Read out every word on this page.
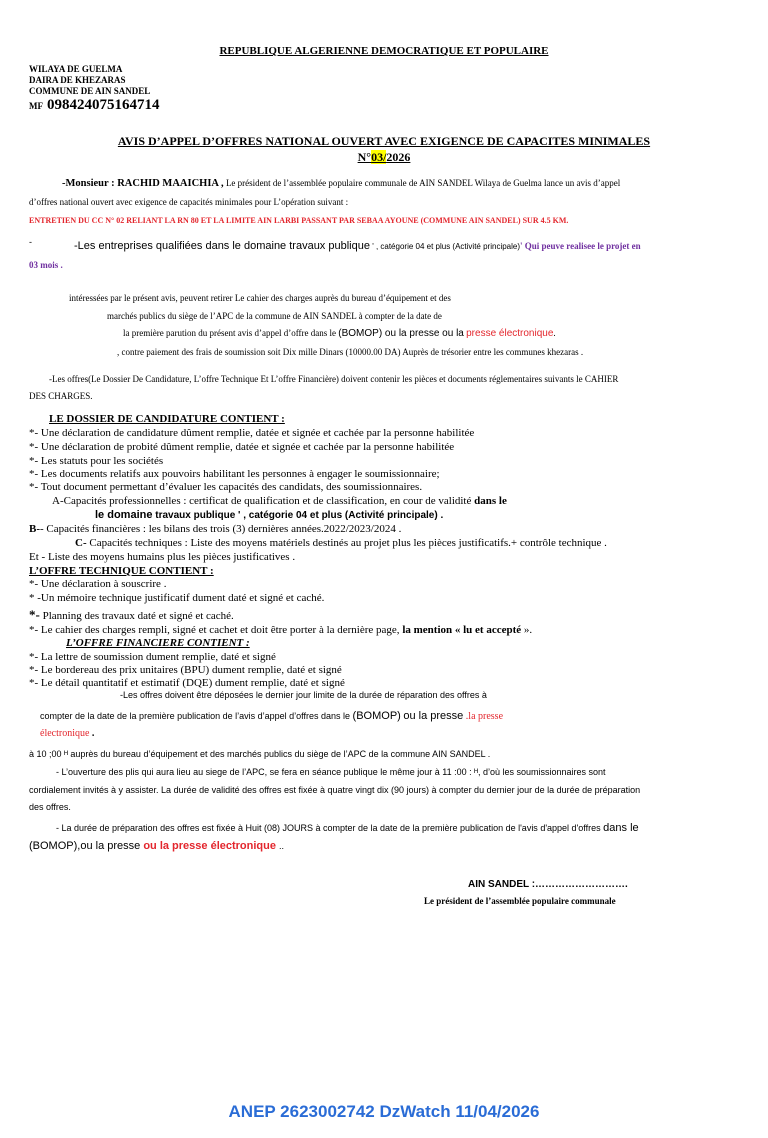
REPUBLIQUE ALGERIENNE DEMOCRATIQUE ET POPULAIRE
WILAYA DE GUELMA
DAIRA DE KHEZARAS
COMMUNE DE AIN SANDEL
MF 098424075164714
AVIS D’APPEL D’OFFRES NATIONAL OUVERT AVEC EXIGENCE DE CAPACITES MINIMALES
N°03/2026
-Monsieur : RACHID MAAICHIA , Le président de l’assemblée populaire communale de AIN SANDEL Wilaya de Guelma lance un avis d’appel
d’offres national ouvert avec exigence de capacités minimales pour L’opération suivant :
ENTRETIEN DU CC N° 02 RELIANT LA RN 80 ET LA LIMITE AIN LARBI PASSANT PAR SEBAA AYOUNE (COMMUNE AIN SANDEL) SUR 4.5 KM.
-	-Les entreprises qualifiées dans le domaine travaux publique ' , catégorie 04 et plus (Activité principale)' Qui peuve realisee le projet en
03 mois .
intéressées par le présent avis, peuvent retirer Le cahier des charges auprès du bureau d’équipement et des
marchés publics du siège de l’APC de la commune de AIN SANDEL à compter de la date de
la première parution du présent avis d’appel d’offre dans le (BOMOP) ou la presse ou la presse électronique.
, contre paiement des frais de soumission soit Dix mille Dinars (10000.00 DA) Auprès de trésorier entre les communes khezaras .
-Les offres(Le Dossier De Candidature, L’offre Technique Et L’offre Financière) doivent contenir les pièces et documents réglementaires suivants le CAHIER
DES CHARGES.
LE DOSSIER DE CANDIDATURE CONTIENT :
*- Une déclaration de candidature dûment remplie, datée et signée et cachée par la personne habilitée
*- Une déclaration de probité dûment remplie, datée et signée et cachée par la personne habilitée
*- Les statuts pour les sociétés
*- Les documents relatifs aux pouvoirs habilitant les personnes à engager le soumissionnaire;
*- Tout document permettant d’évaluer les capacités des candidats, des soumissionnaires.
A-Capacités professionnelles : certificat de qualification et de classification, en cour de validité dans le
le domaine travaux publique ' , catégorie 04 et plus (Activité principale) .
B-- Capacités financières : les bilans des trois (3) dernières années.2022/2023/2024 .
C- Capacités techniques : Liste des moyens matériels destinés au projet plus les pièces justificatifs.+ contrôle technique .
Et - Liste des moyens humains plus les pièces justificatives .
L’OFFRE TECHNIQUE CONTIENT :
*- Une déclaration à souscrire .
* -Un mémoire technique justificatif dument daté et signé et caché.
*- Planning des travaux daté et signé et caché.
*- Le cahier des charges rempli, signé et cachet et doit être porter à la dernière page, la mention « lu et accepté ».
L’OFFRE FINANCIERE CONTIENT :
*- La lettre de soumission dument remplie, daté et signé
*- Le bordereau des prix unitaires (BPU) dument remplie, daté et signé
*- Le détail quantitatif et estimatif (DQE) dument remplie, daté et signé
-Les offres doivent être déposées le dernier jour limite de la durée de réparation des offres à
compter de la date de la première publication de l’avis d’appel d’offres dans le (BOMOP) ou la presse .la presse
électronique .
à 10 ;00 ᴴ auprès du bureau d’équipement et des marchés publics du siège de l’APC de la commune AIN SANDEL .
- L’ouverture des plis qui aura lieu au siege de l’APC, se fera en séance publique le même jour à 11 :00 : ᴴ, d’où les soumissionnaires sont
cordialement invités à y assister. La durée de validité des offres est fixée à quatre vingt dix (90 jours) à compter du dernier jour de la durée de préparation
des offres.
- La durée de préparation des offres est fixée à Huit (08) JOURS à compter de la date de la première publication de l'avis d'appel d'offres dans le
(BOMOP),ou la presse ou la presse électronique ..
AIN SANDEL :……………………….
Le président de l’assemblée populaire communale
ANEP 2623002742 DzWatch 11/04/2026
